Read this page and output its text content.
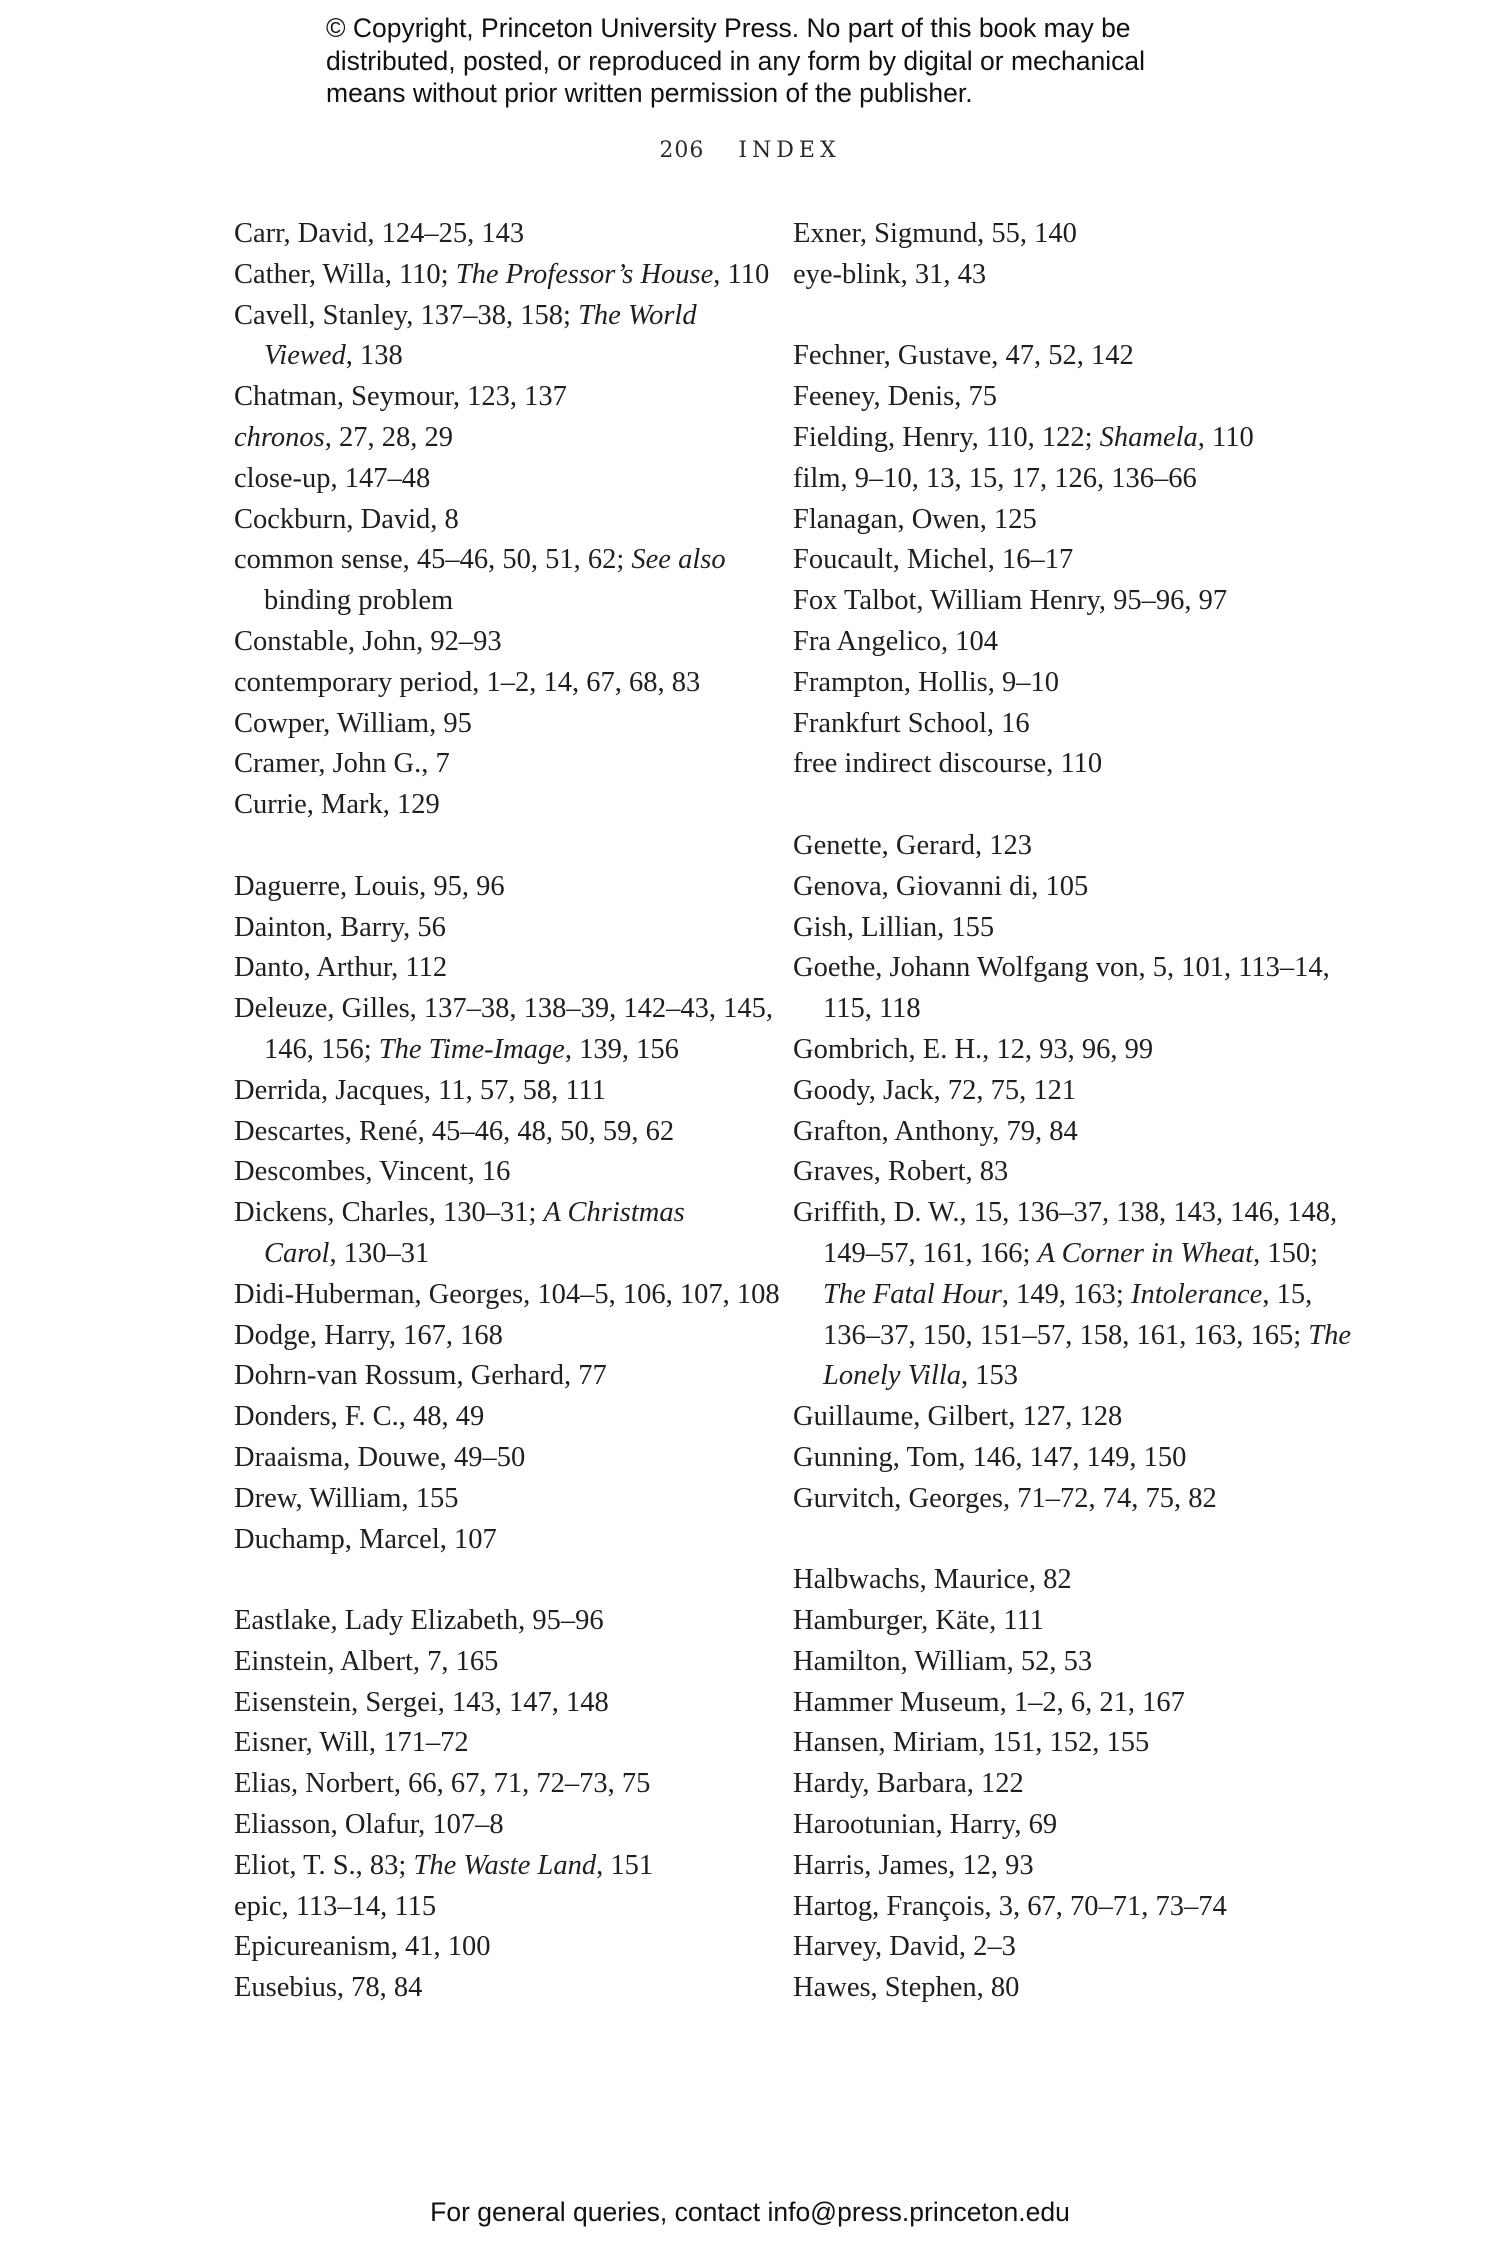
© Copyright, Princeton University Press. No part of this book may be
distributed, posted, or reproduced in any form by digital or mechanical
means without prior written permission of the publisher.
206 INDEX

Carr, David, 124–25, 143

Cather, Willa, 110; The Professor’s House, 110

Cavell, Stanley, 137–38, 158; The World
Viewed, 138

Chatman, Seymour, 123, 137

chronos, 27, 28, 29

close-up, 147–48

Cockburn, David, 8

common sense, 45–46, 50, 51, 62; See also
binding problem

Constable, John, 92–93

contemporary period, 1–2, 14, 67, 68, 83

Cowper, William, 95

Cramer, John G., 7

Currie, Mark, 129

Daguerre, Louis, 95, 96

Dainton, Barry, 56

Danto, Arthur, 112

Deleuze, Gilles, 137–38, 138–39, 142–43, 145,
146, 156; The Time-Image, 139, 156

Derrida, Jacques, 11, 57, 58, 111

Descartes, René, 45–46, 48, 50, 59, 62

Descombes, Vincent, 16

Dickens, Charles, 130–31; A Christmas
Carol, 130–31

Didi-Huberman, Georges, 104–5, 106, 107, 108

Dodge, Harry, 167, 168

Dohrn-van Rossum, Gerhard, 77

Donders, F. C., 48, 49

Draaisma, Douwe, 49–50

Drew, William, 155

Duchamp, Marcel, 107

Eastlake, Lady Elizabeth, 95–96

Einstein, Albert, 7, 165

Eisenstein, Sergei, 143, 147, 148

Eisner, Will, 171–72

Elias, Norbert, 66, 67, 71, 72–73, 75

Eliasson, Olafur, 107–8

Eliot, T. S., 83; The Waste Land, 151

epic, 113–14, 115

Epicureanism, 41, 100

Eusebius, 78, 84

Exner, Sigmund, 55, 140

eye-blink, 31, 43

Fechner, Gustave, 47, 52, 142

Feeney, Denis, 75

Fielding, Henry, 110, 122; Shamela, 110

film, 9–10, 13, 15, 17, 126, 136–66

Flanagan, Owen, 125

Foucault, Michel, 16–17

Fox Talbot, William Henry, 95–96, 97

Fra Angelico, 104

Frampton, Hollis, 9–10

Frankfurt School, 16

free indirect discourse, 110

Genette, Gerard, 123

Genova, Giovanni di, 105

Gish, Lillian, 155

Goethe, Johann Wolfgang von, 5, 101, 113–14,
115, 118

Gombrich, E. H., 12, 93, 96, 99

Goody, Jack, 72, 75, 121

Grafton, Anthony, 79, 84

Graves, Robert, 83

Griffith, D. W., 15, 136–37, 138, 143, 146, 148,
149–57, 161, 166; A Corner in Wheat, 150;
The Fatal Hour, 149, 163; Intolerance, 15,
136–37, 150, 151–57, 158, 161, 163, 165; The
Lonely Villa, 153

Guillaume, Gilbert, 127, 128

Gunning, Tom, 146, 147, 149, 150

Gurvitch, Georges, 71–72, 74, 75, 82

Halbwachs, Maurice, 82

Hamburger, Käte, 111

Hamilton, William, 52, 53

Hammer Museum, 1–2, 6, 21, 167

Hansen, Miriam, 151, 152, 155

Hardy, Barbara, 122

Harootunian, Harry, 69

Harris, James, 12, 93

Hartog, François, 3, 67, 70–71, 73–74

Harvey, David, 2–3

Hawes, Stephen, 80

For general queries, contact info@press.princeton.edu
